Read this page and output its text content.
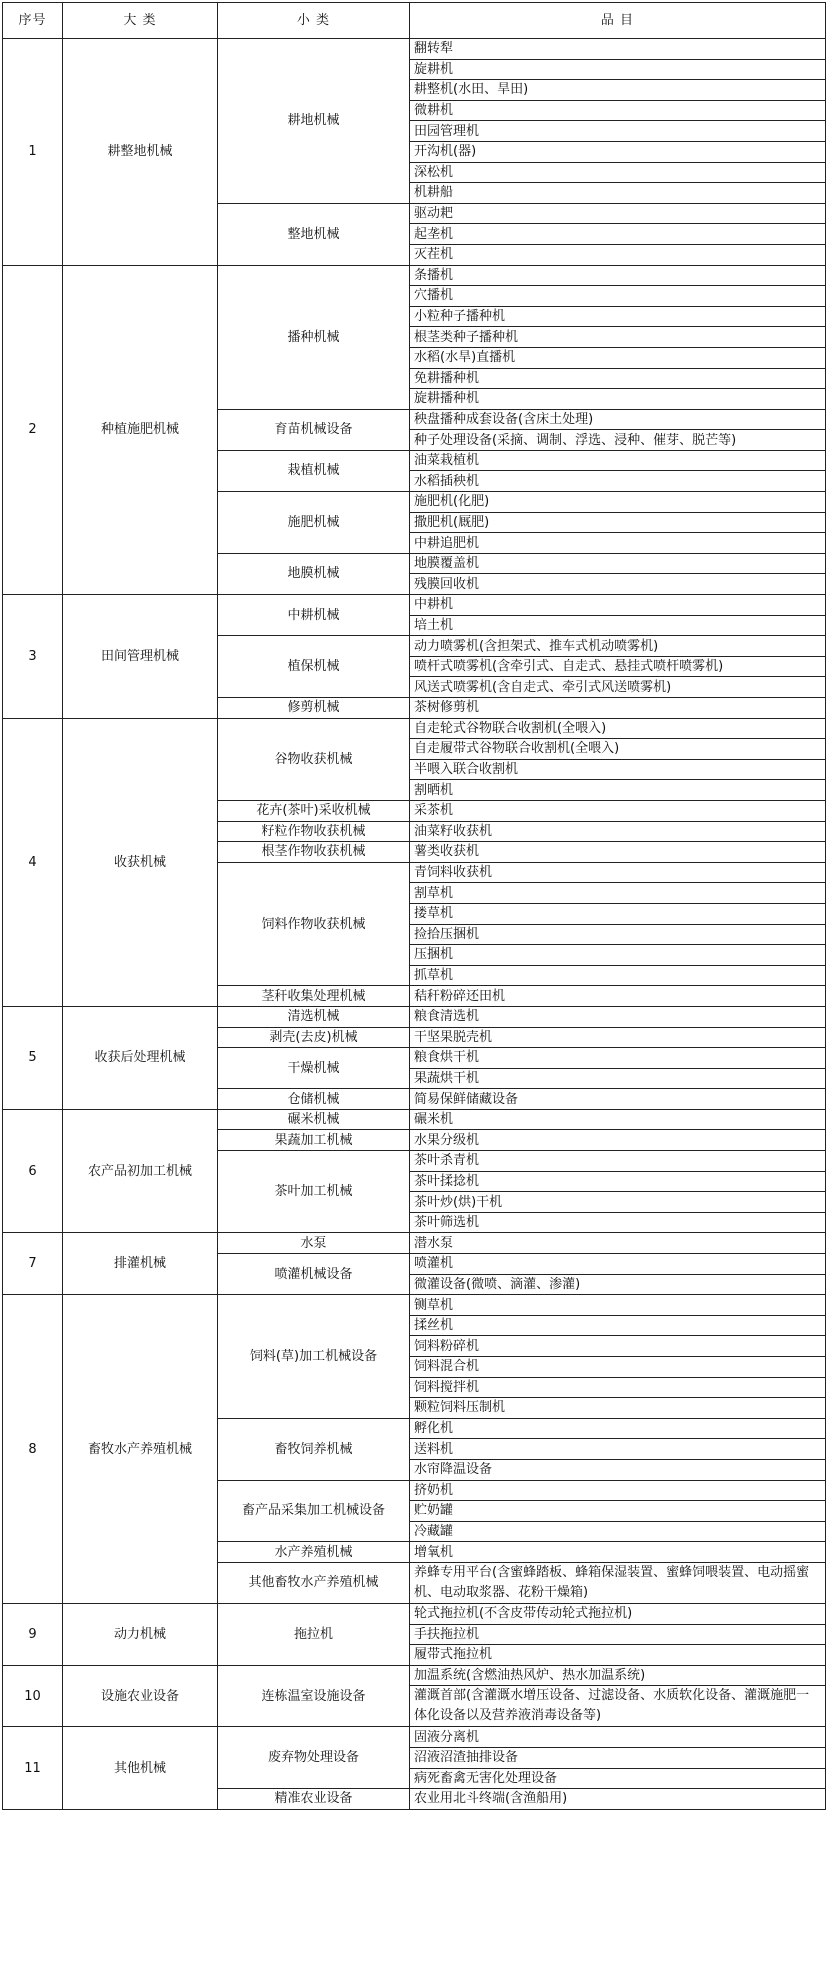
序号	大 类	小 类	品 目
1	耕整地机械	耕地机械	翻转犁
			旋耕机
			耕整机(水田、旱田)
			微耕机
			田园管理机
			开沟机(器)
			深松机
			机耕船
		整地机械	驱动耙
			起垄机
			灭茬机
2	种植施肥机械	播种机械	条播机
			穴播机
			小粒种子播种机
			根茎类种子播种机
			水稻(水旱)直播机
			免耕播种机
			旋耕播种机
		育苗机械设备	秧盘播种成套设备(含床土处理)
			种子处理设备(采摘、调制、浮选、浸种、催芽、脱芒等)
		栽植机械	油菜栽植机
			水稻插秧机
		施肥机械	施肥机(化肥)
			撒肥机(厩肥)
			中耕追肥机
		地膜机械	地膜覆盖机
			残膜回收机
3	田间管理机械	中耕机械	中耕机
			培土机
		植保机械	动力喷雾机(含担架式、推车式机动喷雾机)
			喷杆式喷雾机(含牵引式、自走式、悬挂式喷杆喷雾机)
			风送式喷雾机(含自走式、牵引式风送喷雾机)
		修剪机械	茶树修剪机
4	收获机械	谷物收获机械	自走轮式谷物联合收割机(全喂入)
			自走履带式谷物联合收割机(全喂入)
			半喂入联合收割机
			割晒机
		花卉(茶叶)采收机械	采茶机
		籽粒作物收获机械	油菜籽收获机
		根茎作物收获机械	薯类收获机
		饲料作物收获机械	青饲料收获机
			割草机
			搂草机
			捡拾压捆机
			压捆机
			抓草机
		茎秆收集处理机械	秸秆粉碎还田机
5	收获后处理机械	清选机械	粮食清选机
		剥壳(去皮)机械	干坚果脱壳机
		干燥机械	粮食烘干机
			果蔬烘干机
		仓储机械	简易保鲜储藏设备
6	农产品初加工机械	碾米机械	碾米机
		果蔬加工机械	水果分级机
		茶叶加工机械	茶叶杀青机
			茶叶揉捻机
			茶叶炒(烘)干机
			茶叶筛选机
7	排灌机械	水泵	潜水泵
		喷灌机械设备	喷灌机
			微灌设备(微喷、滴灌、渗灌)
8	畜牧水产养殖机械	饲料(草)加工机械设备	铡草机
			揉丝机
			饲料粉碎机
			饲料混合机
			饲料搅拌机
			颗粒饲料压制机
		畜牧饲养机械	孵化机
			送料机
			水帘降温设备
		畜产品采集加工机械设备	挤奶机
			贮奶罐
			冷藏罐
		水产养殖机械	增氧机
		其他畜牧水产养殖机械	养蜂专用平台(含蜜蜂踏板、蜂箱保湿装置、蜜蜂饲喂装置、电动摇蜜机、电动取浆器、花粉干燥箱)
9	动力机械	拖拉机	轮式拖拉机(不含皮带传动轮式拖拉机)
			手扶拖拉机
			履带式拖拉机
10	设施农业设备	连栋温室设施设备	加温系统(含燃油热风炉、热水加温系统)
			灌溉首部(含灌溉水增压设备、过滤设备、水质软化设备、灌溉施肥一体化设备以及营养液消毒设备等)
11	其他机械	废弃物处理设备	固液分离机
			沼液沼渣抽排设备
			病死畜禽无害化处理设备
		精准农业设备	农业用北斗终端(含渔船用)
